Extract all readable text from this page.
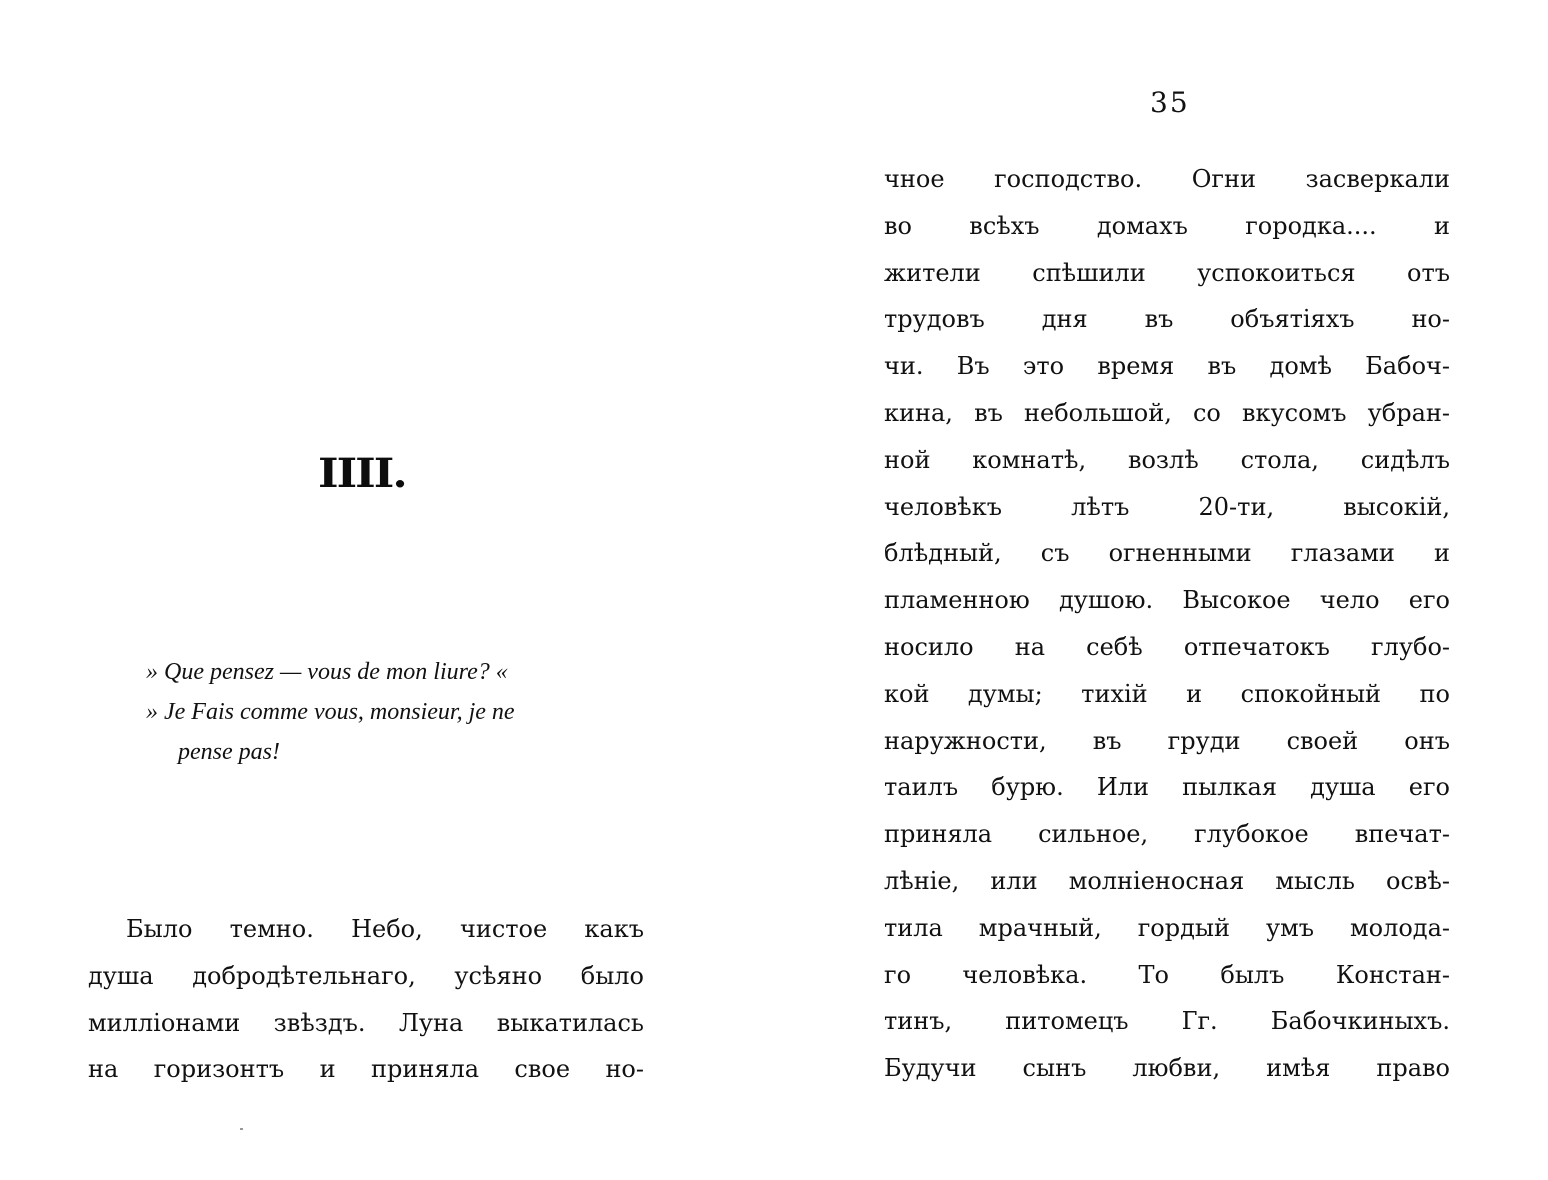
IIII.
» Que pensez — vous de mon liure? «
» Je Fais comme vous, monsieur, je ne
pense pas!
Было темно. Небо, чистое какъ
душа добродѣтельнаго, усѣяно было
милліонами звѣздъ. Луна выкатилась
на горизонтъ и приняла свое но-
35
чное господство. Огни засверкали
во всѣхъ домахъ городка.... и
жители спѣшили успокоиться отъ
трудовъ дня въ объятіяхъ но-
чи. Въ это время въ домѣ Бабоч-
кина, въ небольшой, со вкусомъ убран-
ной комнатѣ, возлѣ стола, сидѣлъ
человѣкъ лѣтъ 20-ти, высокій,
блѣдный, съ огненными глазами и
пламенною душою. Высокое чело его
носило на себѣ отпечатокъ глубо-
кой думы; тихій и спокойный по
наружности, въ груди своей онъ
таилъ бурю. Или пылкая душа его
приняла сильное, глубокое впечат-
лѣніе, или молніеносная мысль освѣ-
тила мрачный, гордый умъ молода-
го человѣка. То былъ Констан-
тинъ, питомецъ Гг. Бабочкиныхъ.
Будучи сынъ любви, имѣя право
